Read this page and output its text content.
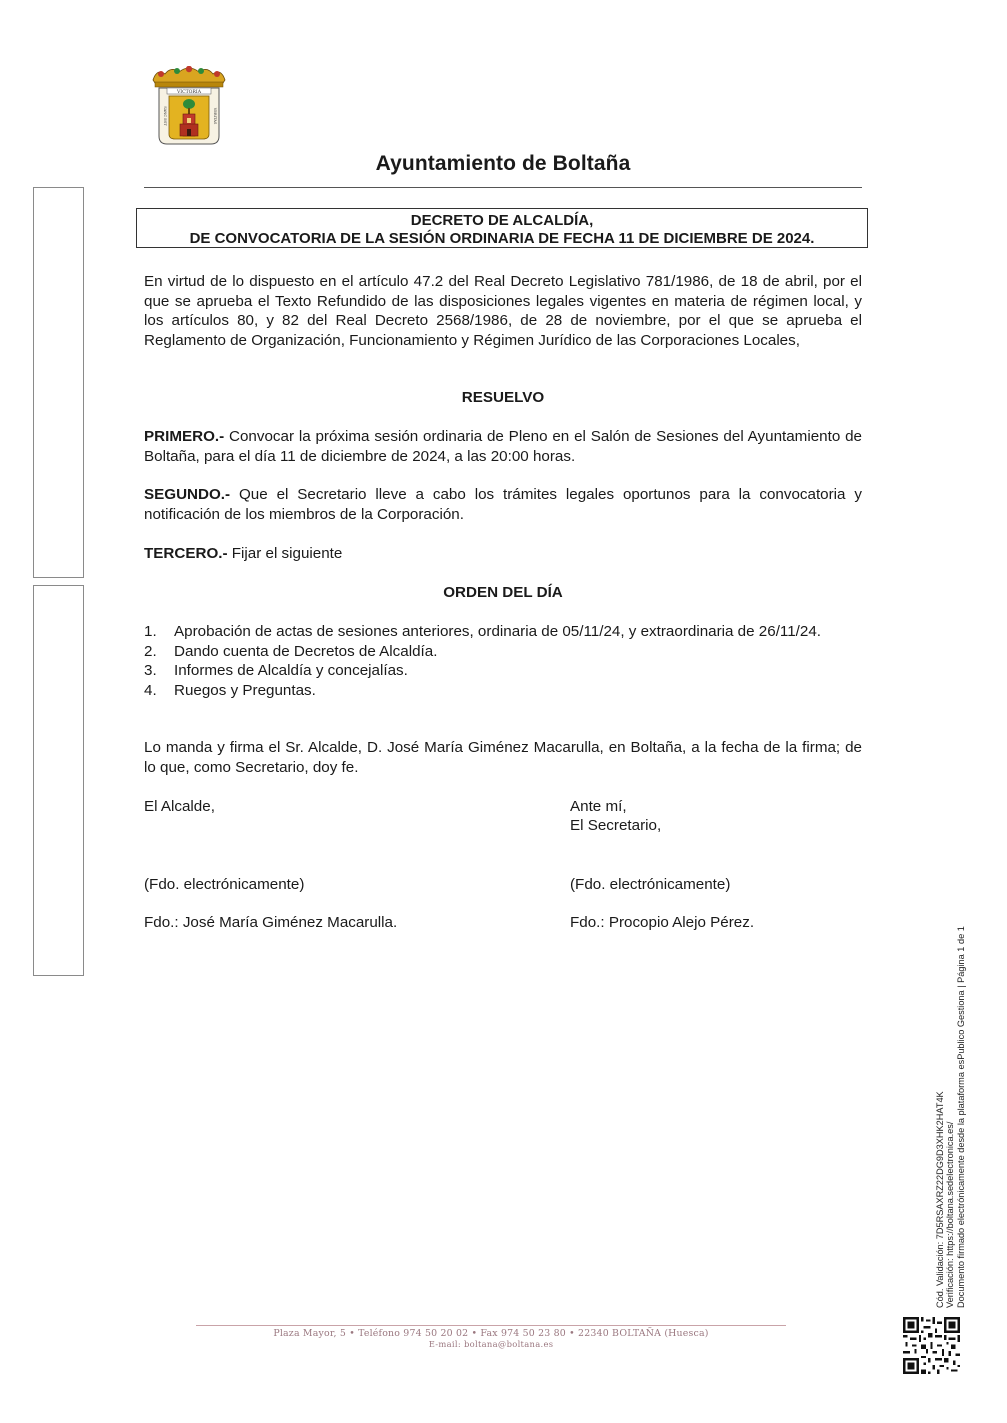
VICTORIA
SANC EST	VERITAS
Ayuntamiento de Boltaña
DECRETO DE ALCALDÍA,
DE CONVOCATORIA DE LA SESIÓN ORDINARIA DE FECHA 11 DE DICIEMBRE DE 2024.
En virtud de lo dispuesto en el artículo 47.2 del Real Decreto Legislativo 781/1986, de 18 de abril, por el que se aprueba el Texto Refundido de las disposiciones legales vigentes en materia de régimen local, y los artículos 80, y 82 del Real Decreto 2568/1986, de 28 de noviembre, por el que se aprueba el Reglamento de Organización, Funcionamiento y Régimen Jurídico de las Corporaciones Locales,
RESUELVO
PRIMERO.- Convocar la próxima sesión ordinaria de Pleno en el Salón de Sesiones del Ayuntamiento de Boltaña, para el día 11 de diciembre de 2024, a las 20:00 horas.
SEGUNDO.- Que el Secretario lleve a cabo los trámites legales oportunos para la convocatoria y notificación de los miembros de la Corporación.
TERCERO.- Fijar el siguiente
ORDEN DEL DÍA
1.	Aprobación de actas de sesiones anteriores, ordinaria de 05/11/24, y extraordinaria de 26/11/24.
2.	Dando cuenta de Decretos de Alcaldía.
3.	Informes de Alcaldía y concejalías.
4.	Ruegos y Preguntas.
Lo manda y firma el Sr. Alcalde, D. José María Giménez Macarulla, en Boltaña, a la fecha de la firma; de lo que, como Secretario, doy fe.
El Alcalde,	Ante mí,
El Secretario,
(Fdo. electrónicamente)	(Fdo. electrónicamente)
Fdo.: José María Giménez Macarulla.	Fdo.: Procopio Alejo Pérez.
Cód. Validación: 7D5RSAXRZ22DG9D3XHK2HAT4K Verificación: https://boltana.sedelectronica.es/ Documento firmado electrónicamente desde la plataforma esPublico Gestiona | Página 1 de 1
Plaza Mayor, 5 • Teléfono 974 50 20 02 • Fax 974 50 23 80 • 22340 BOLTAÑA (Huesca)
E-mail: boltana@boltana.es
